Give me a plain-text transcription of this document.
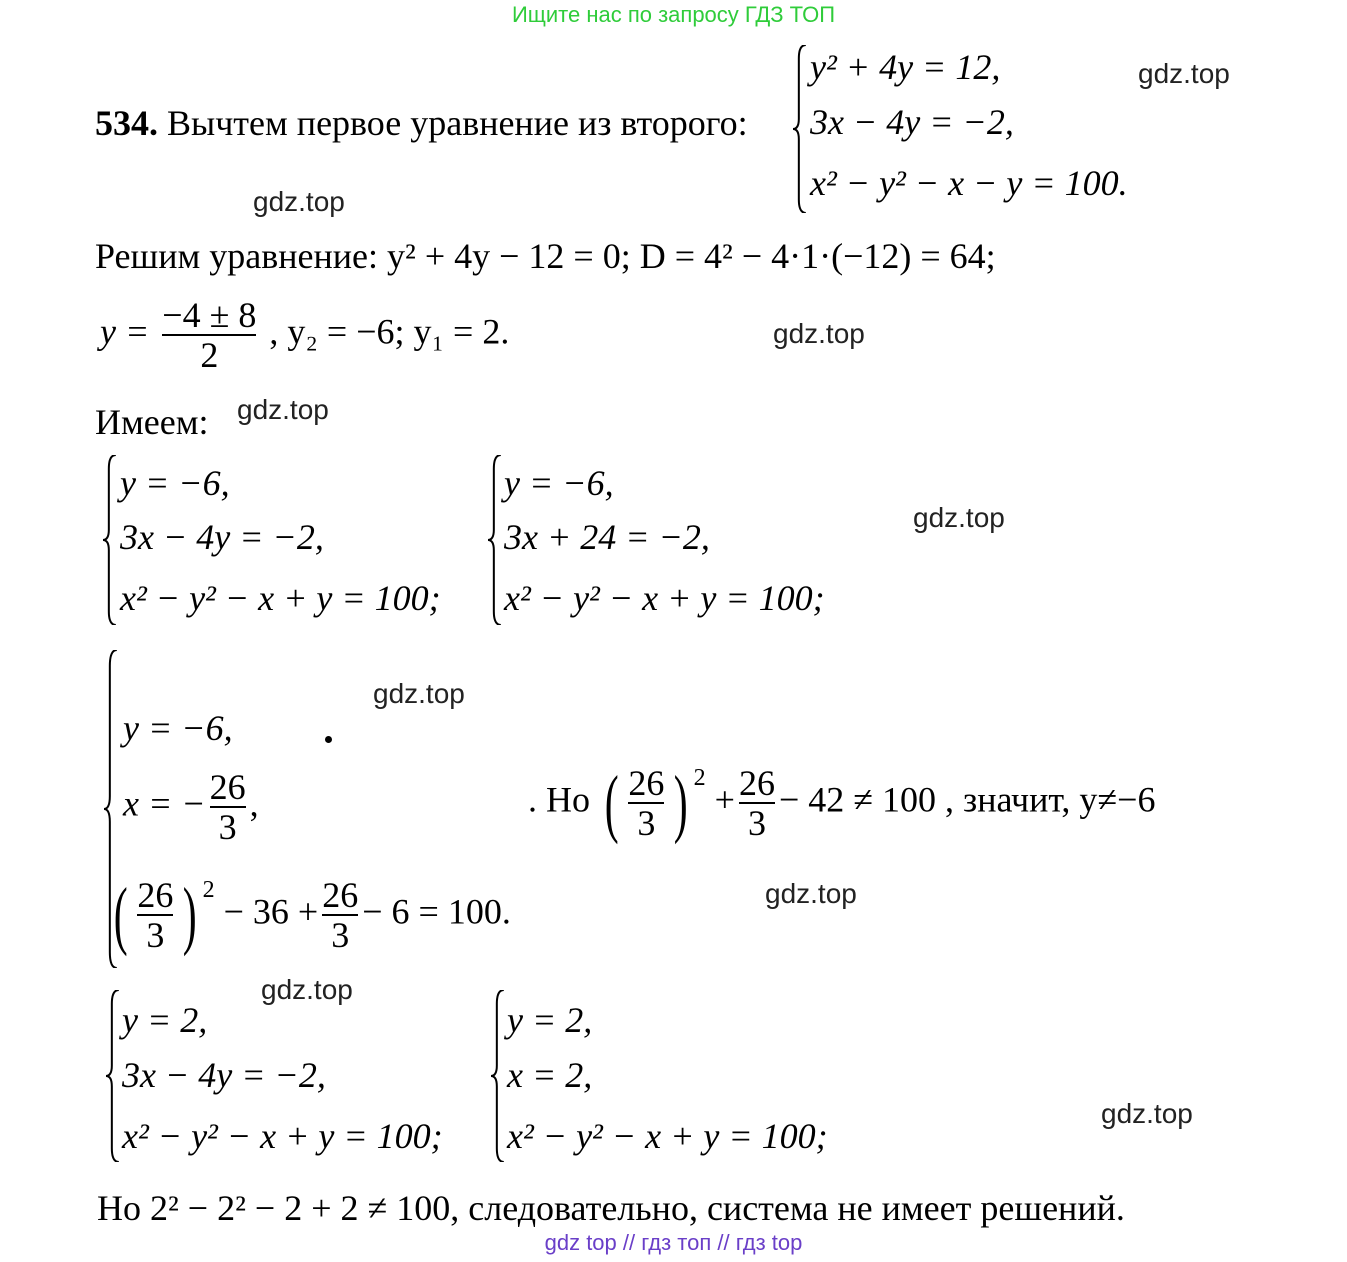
Ищите нас по запросу ГДЗ ТОП
534. Вычтем первое уравнение из второго:
y² + 4y = 12,
3x − 4y = −2,
x² − y² − x − y = 100.
Решим уравнение: y² + 4y − 12 = 0; D = 4² − 4·1·(−12) = 64;
$y = \frac{-4 \pm 8}{2}$ , y₂ = −6; y₁ = 2.
Имеем:
y = −6,
3x − 4y = −2,
x² − y² − x + y = 100;
y = −6,
3x + 24 = −2,
x² − y² − x + y = 100;
y = −6,
x = − $\frac{26}{3}$ ,
( $\frac{26}{3}$ ) $^2 - 36 + \frac{26}{3} - 6 = 100$.
. Но ( $\frac{26}{3}$ ) $^2 + \frac{26}{3} - 42 \ne 100$ , значит, y≠−6
y = 2,
3x − 4y = −2,
x² − y² − x + y = 100;
y = 2,
x = 2,
x² − y² − x + y = 100;
Но 2² − 2² − 2 + 2 ≠ 100, следовательно, система не имеет решений.
gdz.top
gdz.top
gdz.top
gdz.top
gdz.top
gdz.top
gdz.top
gdz.top
gdz.top
gdz top // гдз топ // гдз top
